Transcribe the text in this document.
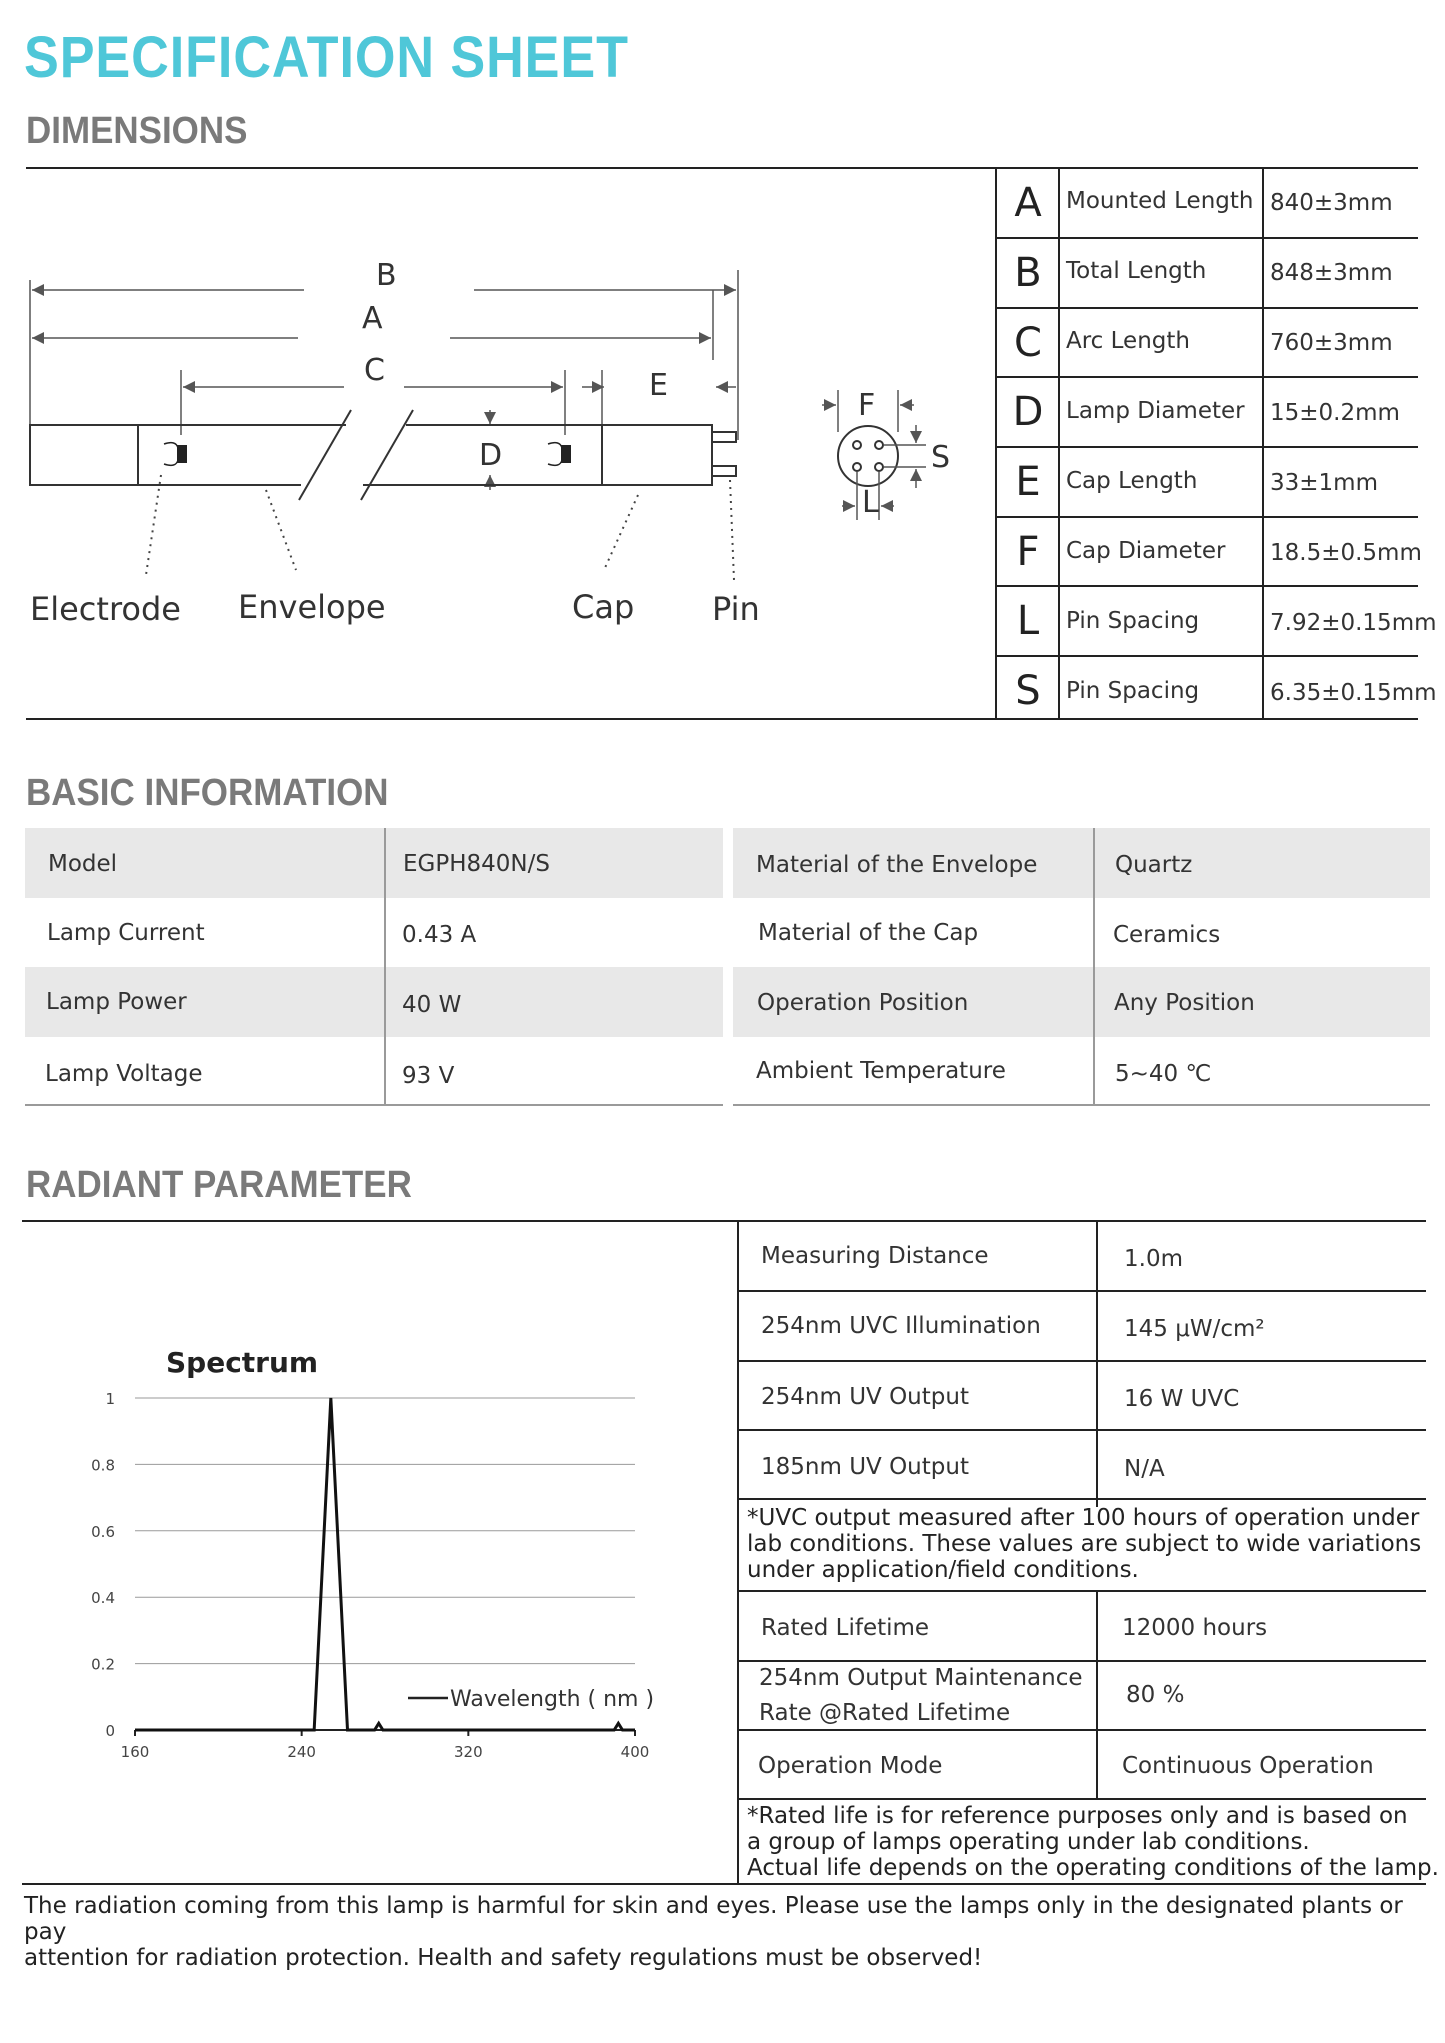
SPECIFICATION SHEET
DIMENSIONS
B
A
C
D
E
Electrode Envelope	Cap Pin
F
S
L
A	Mounted Length 840±3mm
B	Total Length	848±3mm
C	Arc Length	760±3mm
D Lamp Diameter 15±0.2mm
E	Cap Length	33±1mm
F	Cap Diameter 18.5±0.5mm
L	Pin Spacing	7.92±0.15mm
S	Pin Spacing	6.35±0.15mm
BASIC INFORMATION
Model	EGPH840N/S
Lamp Current	0.43 A
Lamp Power	40 W
Lamp Voltage	93 V
Material of the Envelope	Quartz
Material of the Cap	Ceramics
Operation Position	Any Position
Ambient Temperature	5~40 ℃
RADIANT PARAMETER
Measuring Distance	1.0m
254nm UVC Illumination	145 μW/cm²
254nm UV Output	16 W UVC
185nm UV Output	N/A
*UVC output measured after 100 hours of operation under
lab conditions. These values are subject to wide variations
under application/field conditions.
Rated Lifetime	12000 hours
254nm Output Maintenance
Rate @Rated Lifetime
80 %
Operation Mode	Continuous Operation
*Rated life is for reference purposes only and is based on
a group of lamps operating under lab conditions.
Actual life depends on the operating conditions of the lamp.
Spectrum
0
0.2
0.4
0.6
0.8
1
160	240	320	400
Wavelength ( nm )
The radiation coming from this lamp is harmful for skin and eyes. Please use the lamps only in the designated plants or pay
attention for radiation protection. Health and safety regulations must be observed!
